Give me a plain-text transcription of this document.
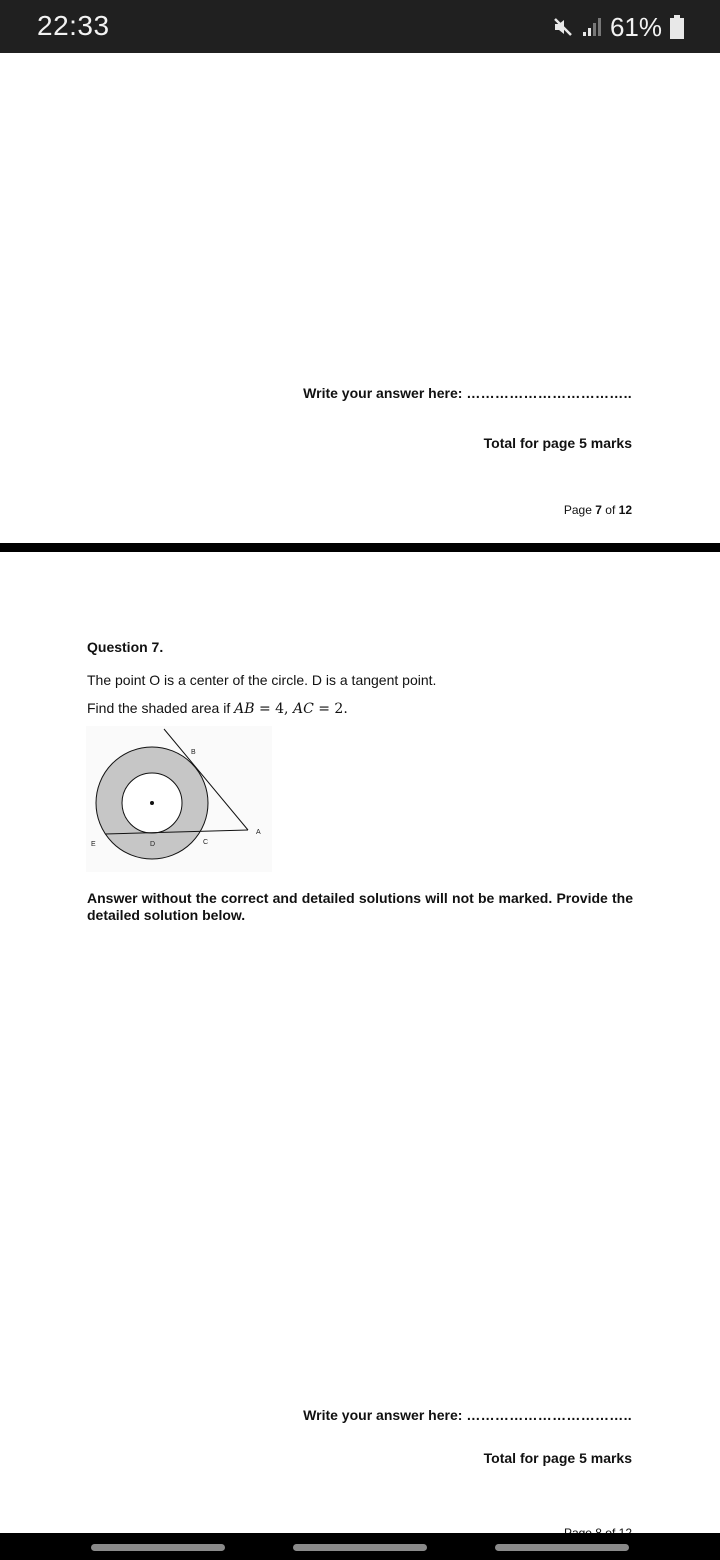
22:33	61%
Write your answer here: ……………………………..
Total for page 5 marks
Page 7 of 12
Question 7.
The point O is a center of the circle. D is a tangent point.
Find the shaded area if AB = 4, AC = 2.
B
A
C
D
E
Answer without the correct and detailed solutions will not be marked. Provide the detailed solution below.
Write your answer here: ……………………………..
Total for page 5 marks
